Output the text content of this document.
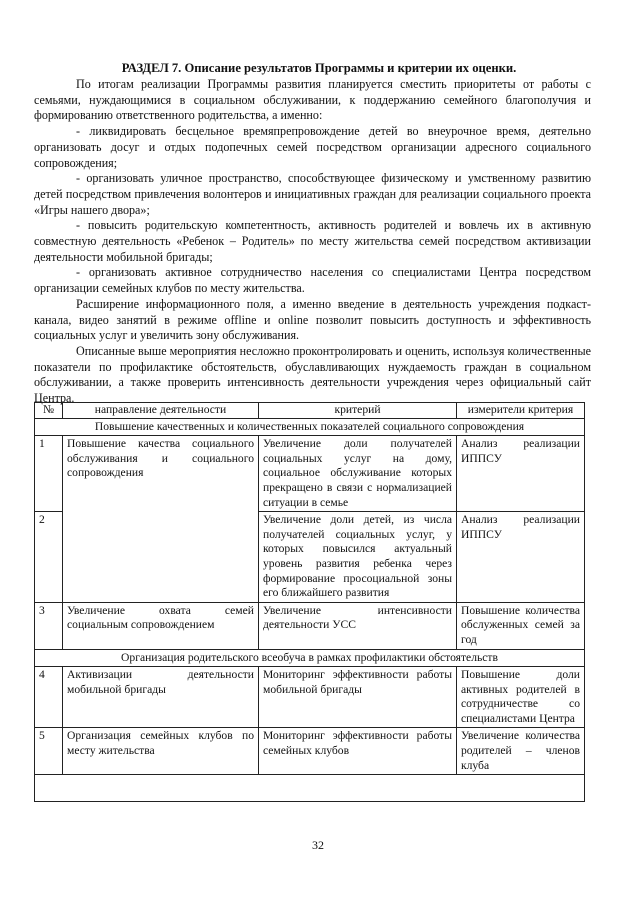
РАЗДЕЛ 7. Описание результатов Программы и критерии их оценки.

По итогам реализации Программы развития планируется сместить приоритеты от работы с семьями, нуждающимися в социальном обслуживании, к поддержанию семейного благополучия и формированию ответственного родительства, а именно:

- ликвидировать бесцельное времяпрепровождение детей во внеурочное время, деятельно организовать досуг и отдых подопечных семей посредством организации адресного социального сопровождения;

- организовать уличное пространство, способствующее физическому и умственному развитию детей посредством привлечения волонтеров и инициативных граждан для реализации социального проекта «Игры нашего двора»;

- повысить родительскую компетентность, активность родителей и вовлечь их в активную совместную деятельность «Ребенок – Родитель» по месту жительства семей посредством активизации деятельности мобильной бригады;

- организовать активное сотрудничество населения со специалистами Центра посредством организации семейных клубов по месту жительства.

Расширение информационного поля, а именно введение в деятельность учреждения подкаст-канала, видео занятий в режиме offline и online позволит повысить доступность и эффективность социальных услуг и увеличить зону обслуживания.

Описанные выше мероприятия несложно проконтролировать и оценить, используя количественные показатели по профилактике обстоятельств, обуславливающих нуждаемость граждан в социальном обслуживании, а также проверить интенсивность деятельности учреждения через официальный сайт Центра.

№	направление деятельности	критерий	измерители критерия
Повышение качественных и количественных показателей социального сопровождения			
1	Повышение качества социального обслуживания и социального сопровождения	Увеличение доли получателей социальных услуг на дому, социальное обслуживание которых прекращено в связи с нормализацией ситуации в семье	Анализ реализации ИППСУ
2		Увеличение доли детей, из числа получателей социальных услуг, у которых повысился актуальный уровень развития ребенка через формирование просоциальной зоны его ближайшего развития	Анализ реализации ИППСУ
3	Увеличение охвата семей социальным сопровождением	Увеличение интенсивности деятельности УСС	Повышение количества обслуженных семей за год
Организация родительского всеобуча в рамках профилактики обстоятельств			
4	Активизации деятельности мобильной бригады	Мониторинг эффективности работы мобильной бригады	Повышение доли активных родителей в сотрудничестве со специалистами Центра
5	Организация семейных клубов по месту жительства	Мониторинг эффективности работы семейных клубов	Увеличение количества родителей – членов клуба

32
